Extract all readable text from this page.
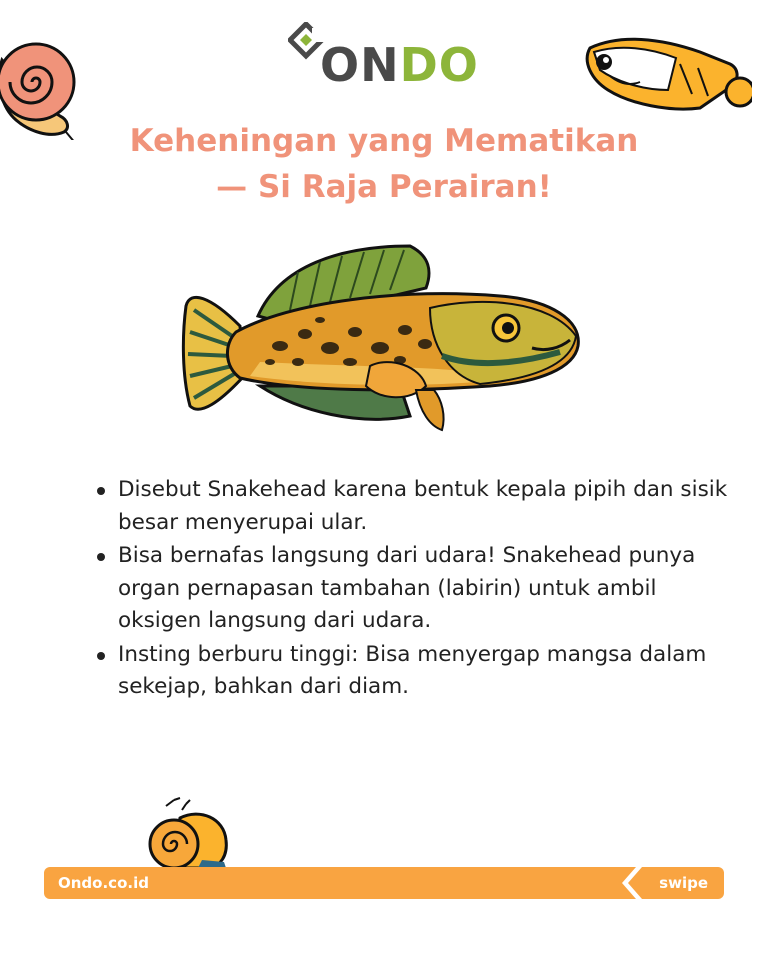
ONDO
Keheningan yang Mematikan
— Si Raja Perairan!
Disebut Snakehead karena bentuk kepala pipih dan sisik besar menyerupai ular.
Bisa bernafas langsung dari udara! Snakehead punya organ pernapasan tambahan (labirin) untuk ambil oksigen langsung dari udara.
Insting berburu tinggi: Bisa menyergap mangsa dalam sekejap, bahkan dari diam.
Ondo.co.id	swipe
